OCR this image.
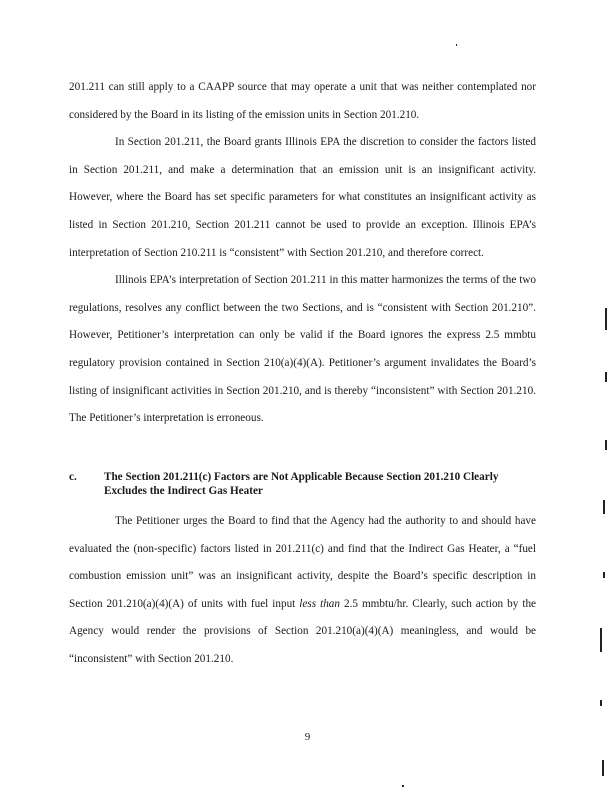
201.211 can still apply to a CAAPP source that may operate a unit that was neither contemplated nor considered by the Board in its listing of the emission units in Section 201.210.

In Section 201.211, the Board grants Illinois EPA the discretion to consider the factors listed in Section 201.211, and make a determination that an emission unit is an insignificant activity. However, where the Board has set specific parameters for what constitutes an insignificant activity as listed in Section 201.210, Section 201.211 cannot be used to provide an exception. Illinois EPA’s interpretation of Section 210.211 is “consistent” with Section 201.210, and therefore correct.

Illinois EPA’s interpretation of Section 201.211 in this matter harmonizes the terms of the two regulations, resolves any conflict between the two Sections, and is “consistent with Section 201.210”. However, Petitioner’s interpretation can only be valid if the Board ignores the express 2.5 mmbtu regulatory provision contained in Section 210(a)(4)(A). Petitioner’s argument invalidates the Board’s listing of insignificant activities in Section 201.210, and is thereby “inconsistent” with Section 201.210. The Petitioner’s interpretation is erroneous.

c. The Section 201.211(c) Factors are Not Applicable Because Section 201.210 Clearly Excludes the Indirect Gas Heater

The Petitioner urges the Board to find that the Agency had the authority to and should have evaluated the (non-specific) factors listed in 201.211(c) and find that the Indirect Gas Heater, a “fuel combustion emission unit” was an insignificant activity, despite the Board’s specific description in Section 201.210(a)(4)(A) of units with fuel input less than 2.5 mmbtu/hr. Clearly, such action by the Agency would render the provisions of Section 201.210(a)(4)(A) meaningless, and would be “inconsistent” with Section 201.210.

9
